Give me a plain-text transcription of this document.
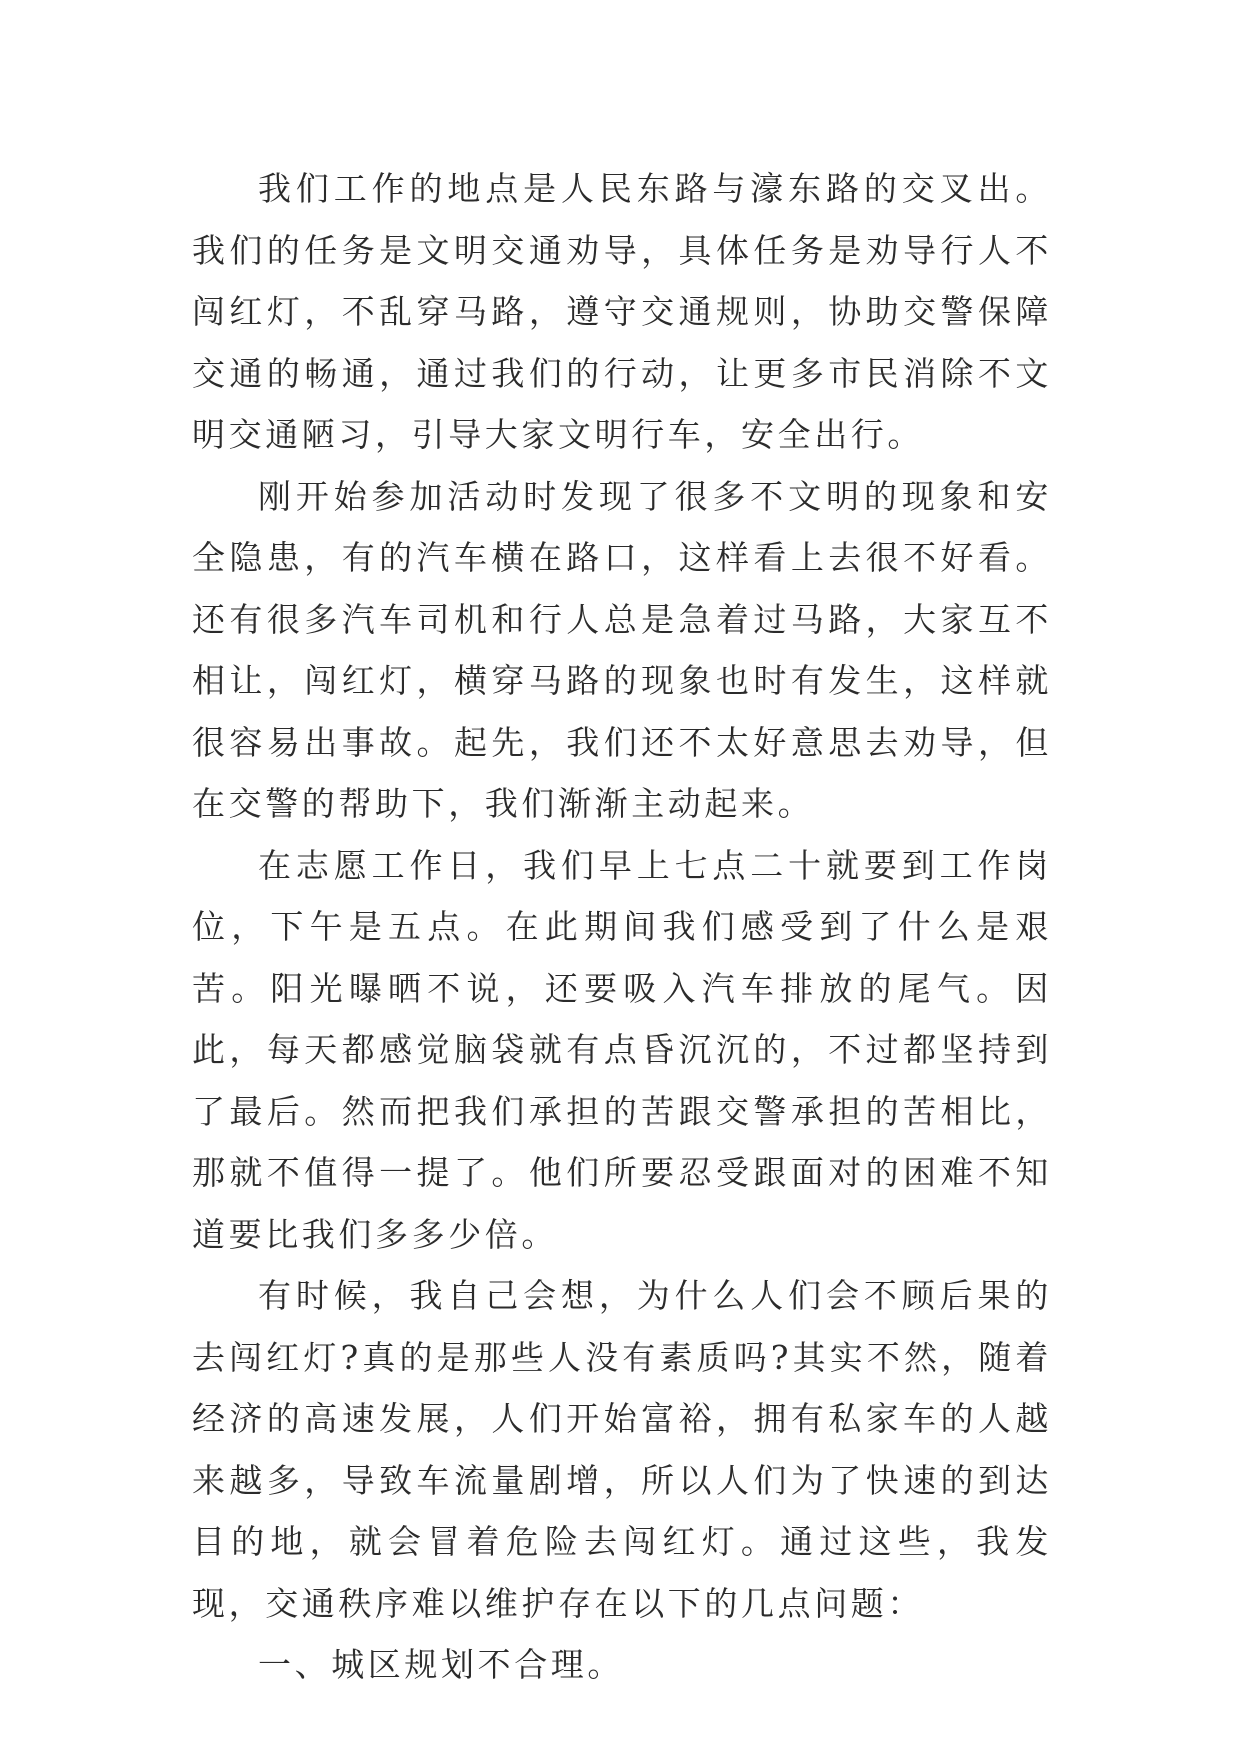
我们工作的地点是人民东路与濠东路的交叉出。我们的任务是文明交通劝导，具体任务是劝导行人不闯红灯，不乱穿马路，遵守交通规则，协助交警保障交通的畅通，通过我们的行动，让更多市民消除不文明交通陋习，引导大家文明行车，安全出行。

刚开始参加活动时发现了很多不文明的现象和安全隐患，有的汽车横在路口，这样看上去很不好看。还有很多汽车司机和行人总是急着过马路，大家互不相让，闯红灯，横穿马路的现象也时有发生，这样就很容易出事故。起先，我们还不太好意思去劝导，但在交警的帮助下，我们渐渐主动起来。

在志愿工作日，我们早上七点二十就要到工作岗位，下午是五点。在此期间我们感受到了什么是艰苦。阳光曝晒不说，还要吸入汽车排放的尾气。因此，每天都感觉脑袋就有点昏沉沉的，不过都坚持到了最后。然而把我们承担的苦跟交警承担的苦相比，那就不值得一提了。他们所要忍受跟面对的困难不知道要比我们多多少倍。

有时候，我自己会想，为什么人们会不顾后果的去闯红灯?真的是那些人没有素质吗?其实不然，随着经济的高速发展，人们开始富裕，拥有私家车的人越来越多，导致车流量剧增，所以人们为了快速的到达目的地，就会冒着危险去闯红灯。通过这些，我发现，交通秩序难以维护存在以下的几点问题：

一、城区规划不合理。
